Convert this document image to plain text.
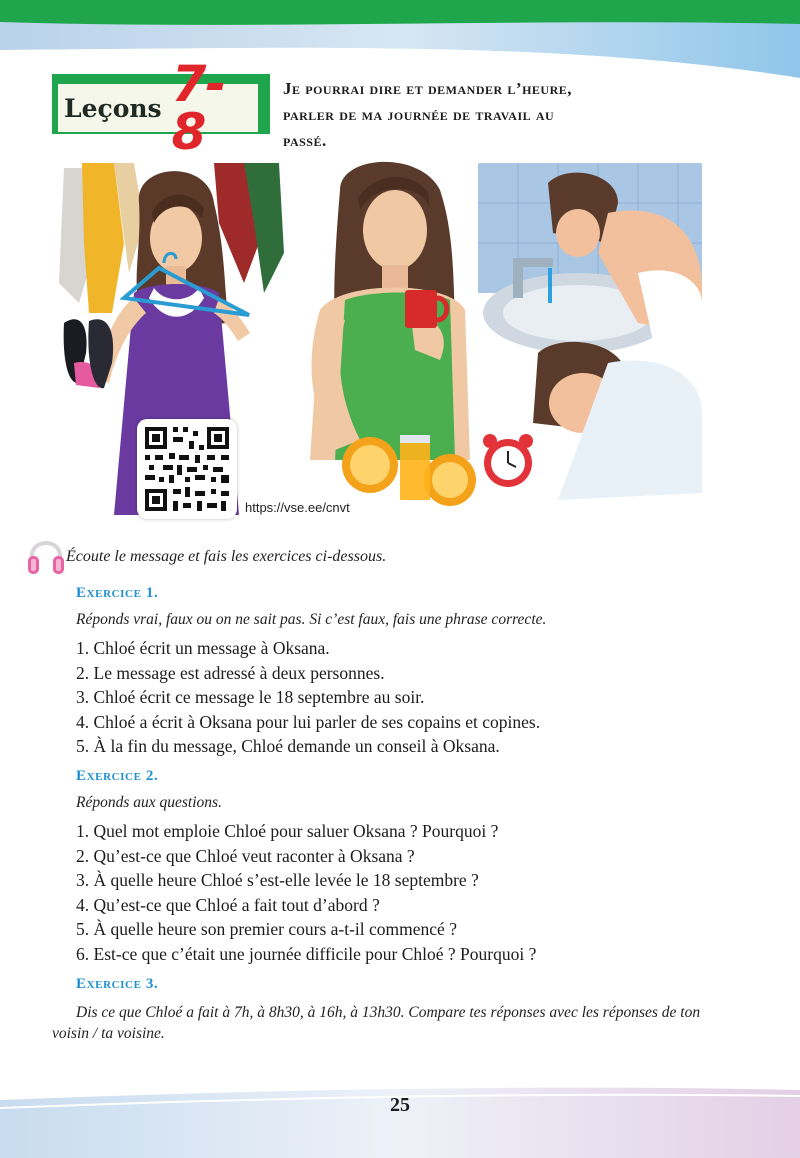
Leçons 7-8
Je pourrai dire et demander l’heure,
parler de ma journée de travail au
passé.
https://vse.ee/cnvt
Écoute le message et fais les exercices ci-dessous.
Exercice 1.
Réponds vrai, faux ou on ne sait pas. Si c’est faux, fais une phrase correcte.
1. Chloé écrit un message à Oksana.
2. Le message est adressé à deux personnes.
3. Chloé écrit ce message le 18 septembre au soir.
4. Chloé a écrit à Oksana pour lui parler de ses copains et copines.
5. À la fin du message, Chloé demande un conseil à Oksana.
Exercice 2.
Réponds aux questions.
1. Quel mot emploie Chloé pour saluer Oksana ? Pourquoi ?
2. Qu’est-ce que Chloé veut raconter à Oksana ?
3. À quelle heure Chloé s’est-elle levée le 18 septembre ?
4. Qu’est-ce que Chloé a fait tout d’abord ?
5. À quelle heure son premier cours a-t-il commencé ?
6. Est-ce que c’était une journée difficile pour Chloé ? Pourquoi ?
Exercice 3.
Dis ce que Chloé a fait à 7h, à 8h30, à 16h, à 13h30. Compare tes réponses avec les réponses de ton voisin / ta voisine.
25
